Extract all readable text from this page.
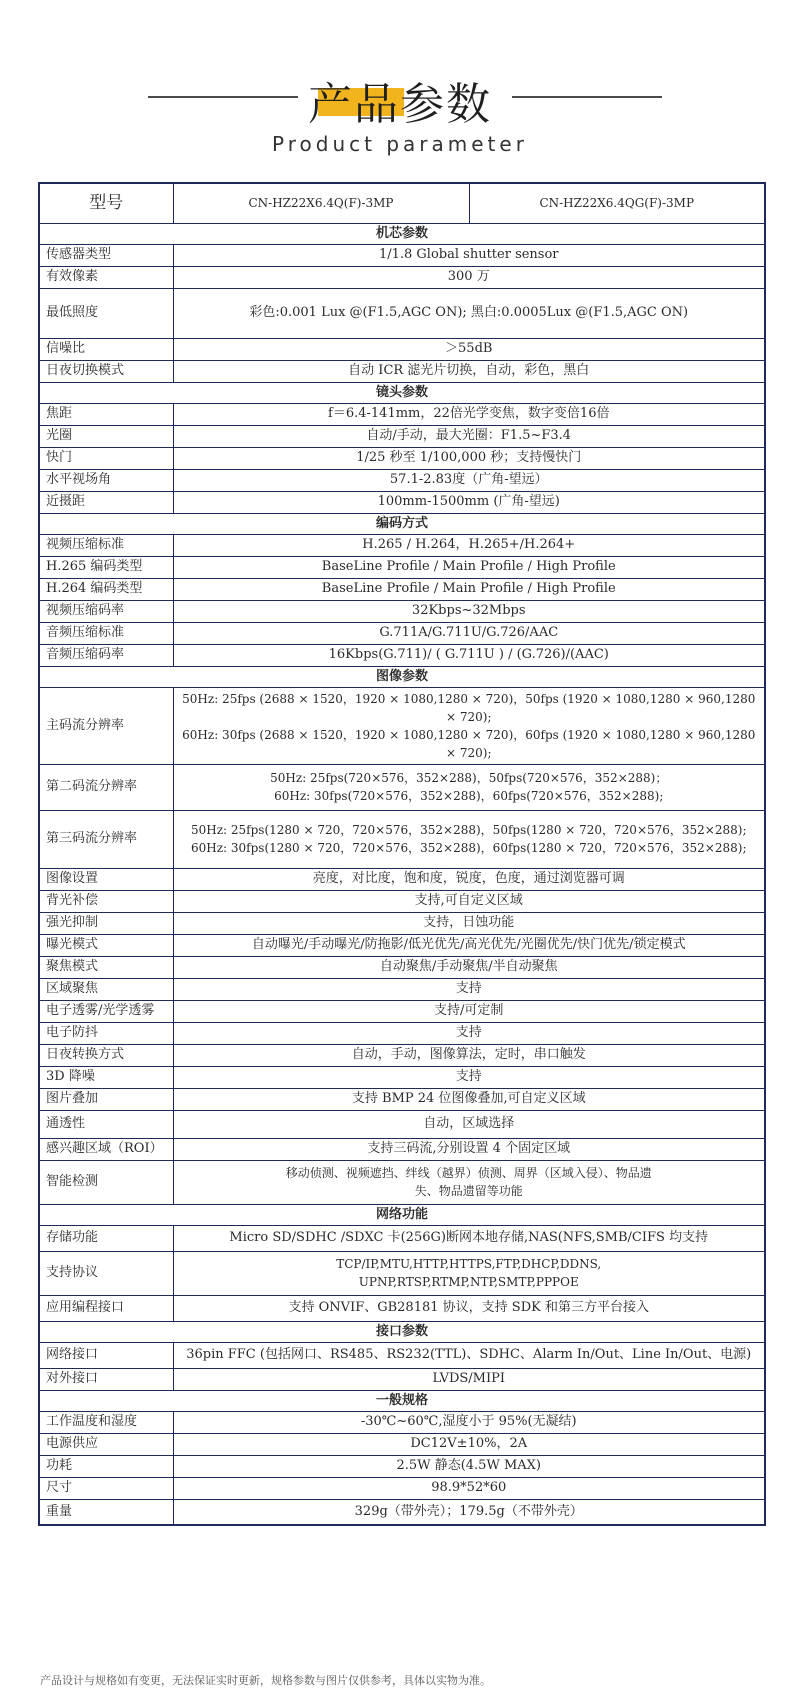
产品参数
Product parameter
型号	CN-HZ22X6.4Q(F)-3MP	CN-HZ22X6.4QG(F)-3MP
机芯参数		
传感器类型	1/1.8 Global shutter sensor	
有效像素	300 万	
最低照度	彩色:0.001 Lux @(F1.5,AGC ON); 黑白:0.0005Lux @(F1.5,AGC ON)	
信噪比	＞55dB	
日夜切换模式	自动 ICR 滤光片切换，自动，彩色，黑白	
镜头参数		
焦距	f＝6.4-141mm，22倍光学变焦，数字变倍16倍	
光圈	自动/手动，最大光圈：F1.5~F3.4	
快门	1/25 秒至 1/100,000 秒；支持慢快门	
水平视场角	57.1-2.83度（广角-望远）	
近摄距	100mm-1500mm (广角-望远)	
编码方式		
视频压缩标准	H.265 / H.264，H.265+/H.264+	
H.265 编码类型	BaseLine Profile / Main Profile / High Profile	
H.264 编码类型	BaseLine Profile / Main Profile / High Profile	
视频压缩码率	32Kbps~32Mbps	
音频压缩标准	G.711A/G.711U/G.726/AAC	
音频压缩码率	16Kbps(G.711)/ ( G.711U ) / (G.726)/(AAC)	
图像参数		
主码流分辨率	50Hz: 25fps (2688 × 1520，1920 × 1080,1280 × 720)，50fps (1920 × 1080,1280 × 960,1280 × 720);
60Hz: 30fps (2688 × 1520，1920 × 1080,1280 × 720)，60fps (1920 × 1080,1280 × 960,1280 × 720);	

第二码流分辨率	50Hz: 25fps(720×576，352×288)，50fps(720×576，352×288)；
60Hz: 30fps(720×576，352×288)，60fps(720×576，352×288);	

第三码流分辨率	50Hz: 25fps(1280 × 720，720×576，352×288)，50fps(1280 × 720，720×576，352×288);
60Hz: 30fps(1280 × 720，720×576，352×288)，60fps(1280 × 720，720×576，352×288);	

图像设置	亮度，对比度，饱和度，锐度，色度，通过浏览器可调	
背光补偿	支持,可自定义区域	
强光抑制	支持，日蚀功能	
曝光模式	自动曝光/手动曝光/防拖影/低光优先/高光优先/光圈优先/快门优先/锁定模式	
聚焦模式	自动聚焦/手动聚焦/半自动聚焦	
区域聚焦	支持	
电子透雾/光学透雾	支持/可定制	
电子防抖	支持	
日夜转换方式	自动，手动，图像算法，定时，串口触发	
3D 降噪	支持	
图片叠加	支持 BMP 24 位图像叠加,可自定义区域	
通透性	自动，区域选择	
感兴趣区域（ROI）	支持三码流,分别设置 4 个固定区域	
智能检测	移动侦测、视频遮挡、绊线（越界）侦测、周界（区域入侵）、物品遗
失、物品遗留等功能	

网络功能		
存储功能	Micro SD/SDHC /SDXC 卡(256G)断网本地存储,NAS(NFS,SMB/CIFS 均支持	
支持协议	TCP/IP,MTU,HTTP,HTTPS,FTP,DHCP,DDNS,
UPNP,RTSP,RTMP,NTP,SMTP,PPPOE	

应用编程接口	支持 ONVIF、GB28181 协议，支持 SDK 和第三方平台接入	
接口参数		
网络接口	36pin FFC (包括网口、RS485、RS232(TTL)、SDHC、Alarm In/Out、Line In/Out、电源)	
对外接口	LVDS/MIPI	
一般规格		
工作温度和湿度	-30℃~60℃,湿度小于 95%(无凝结)	
电源供应	DC12V±10%，2A	
功耗	2.5W 静态(4.5W MAX)	
尺寸	98.9*52*60	
重量	329g（带外壳）；179.5g（不带外壳）	
产品设计与规格如有变更，无法保证实时更新，规格参数与图片仅供参考，具体以实物为准。
